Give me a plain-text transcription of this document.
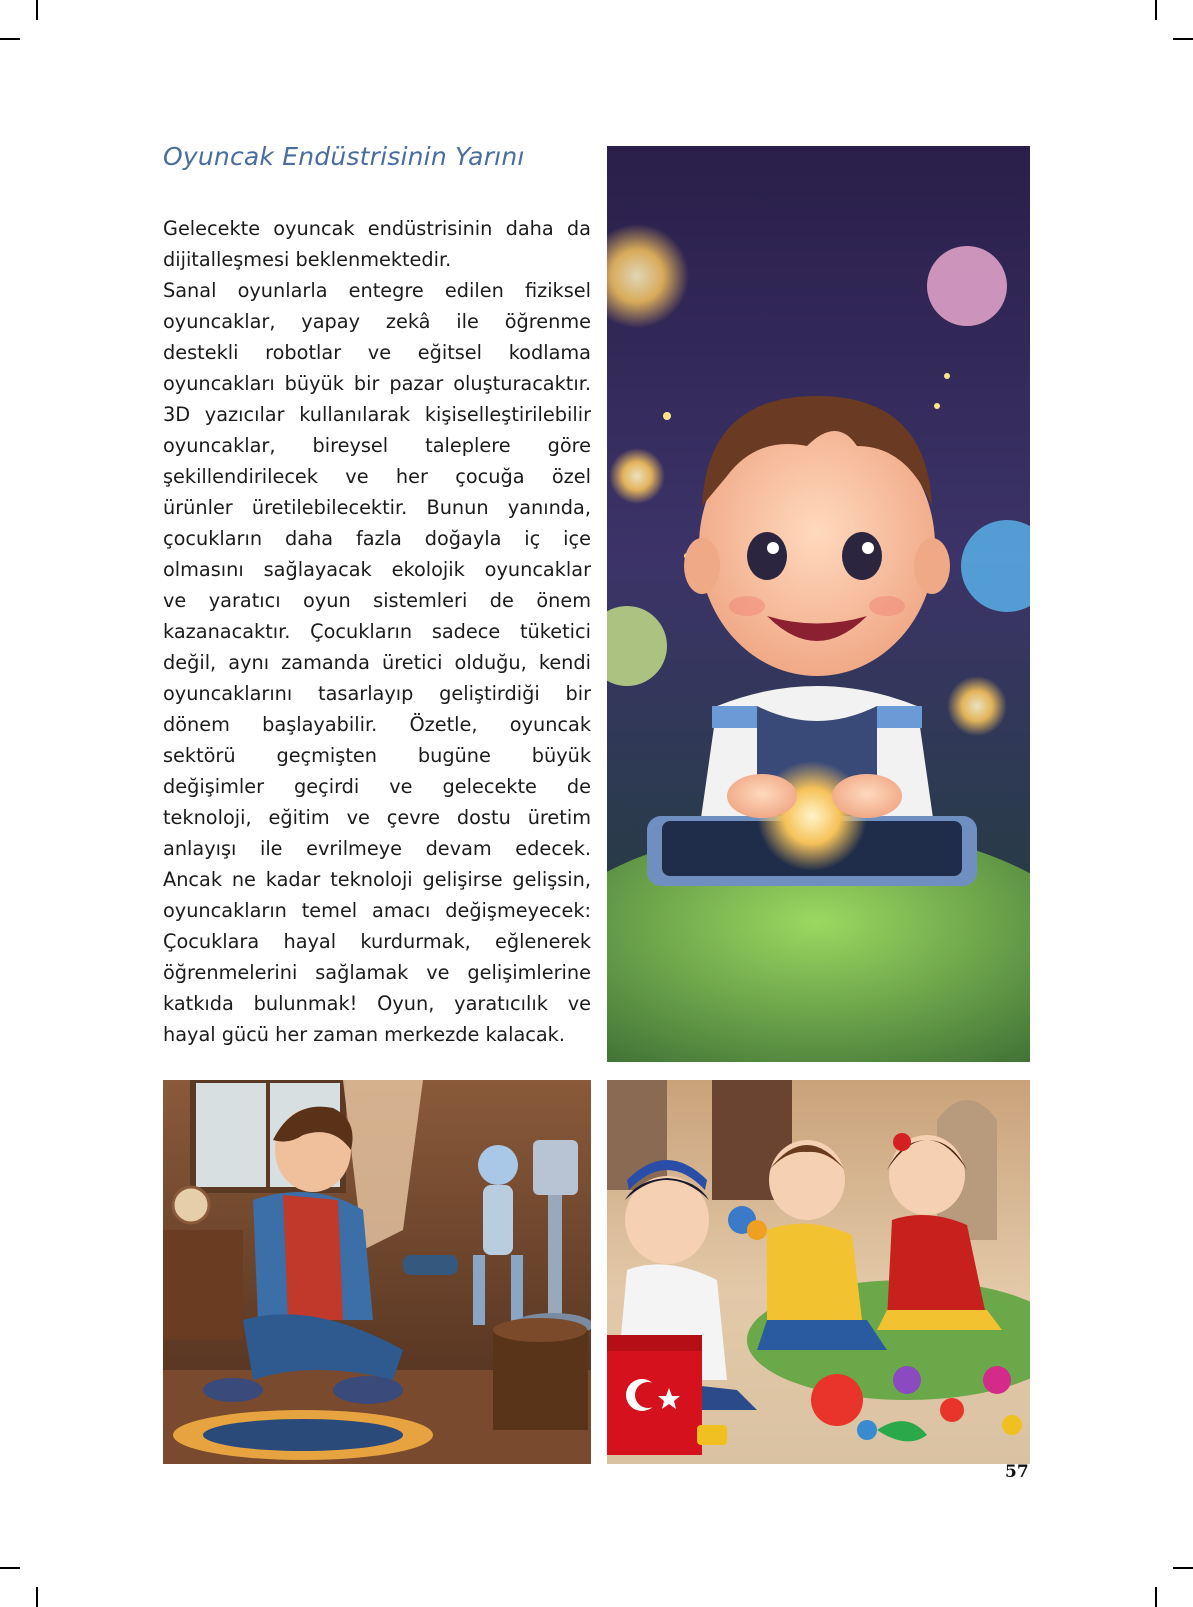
Oyuncak Endüstrisinin Yarını
Gelecekte oyuncak endüstrisinin daha da
dijitalleşmesi beklenmektedir.
Sanal oyunlarla entegre edilen fiziksel
oyuncaklar, yapay zekâ ile öğrenme
destekli robotlar ve eğitsel kodlama
oyuncakları büyük bir pazar oluşturacaktır.
3D yazıcılar kullanılarak kişiselleştirilebilir
oyuncaklar, bireysel taleplere göre
şekillendirilecek ve her çocuğa özel
ürünler üretilebilecektir. Bunun yanında,
çocukların daha fazla doğayla iç içe
olmasını sağlayacak ekolojik oyuncaklar
ve yaratıcı oyun sistemleri de önem
kazanacaktır. Çocukların sadece tüketici
değil, aynı zamanda üretici olduğu, kendi
oyuncaklarını tasarlayıp geliştirdiği bir
dönem başlayabilir. Özetle, oyuncak
sektörü geçmişten bugüne büyük
değişimler geçirdi ve gelecekte de
teknoloji, eğitim ve çevre dostu üretim
anlayışı ile evrilmeye devam edecek.
Ancak ne kadar teknoloji gelişirse gelişsin,
oyuncakların temel amacı değişmeyecek:
Çocuklara hayal kurdurmak, eğlenerek
öğrenmelerini sağlamak ve gelişimlerine
katkıda bulunmak! Oyun, yaratıcılık ve
hayal gücü her zaman merkezde kalacak.
57
